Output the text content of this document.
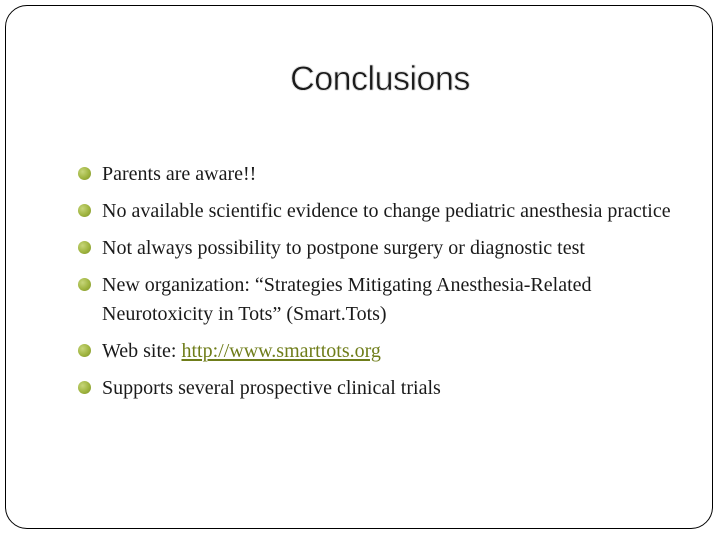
Conclusions
Parents are aware!!
No available scientific evidence to change pediatric anesthesia practice
Not always possibility to postpone surgery or diagnostic test
New organization: “Strategies Mitigating Anesthesia-Related Neurotoxicity in Tots” (Smart.Tots)
Web site: http://www.smarttots.org
Supports several prospective clinical trials
